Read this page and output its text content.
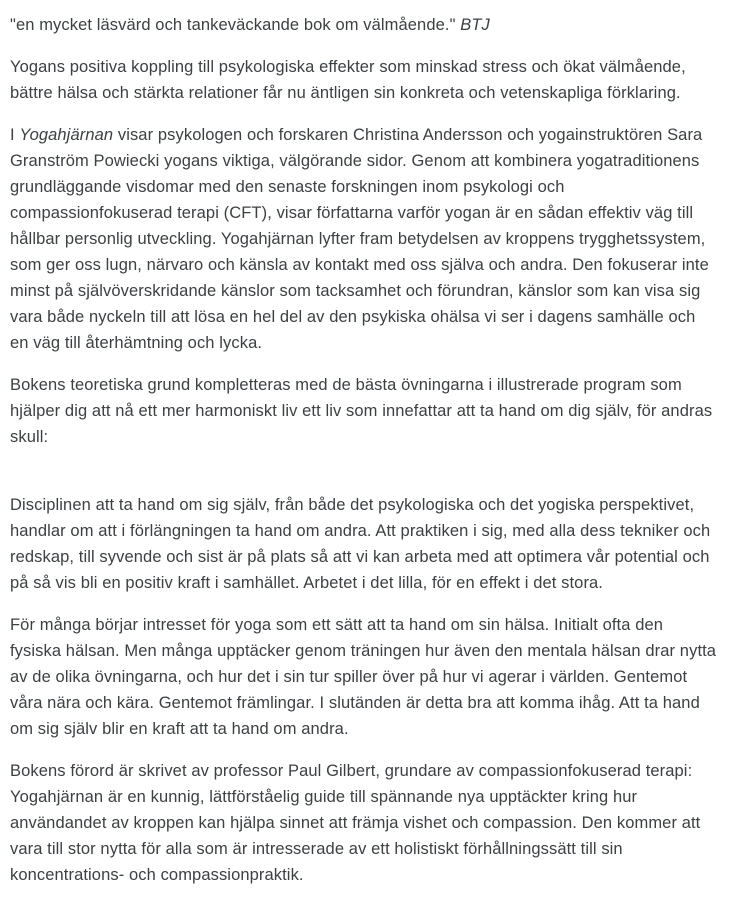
"en mycket läsvärd och tankeväckande bok om välmående." BTJ

Yogans positiva koppling till psykologiska effekter som minskad stress och ökat välmående, bättre hälsa och stärkta relationer får nu äntligen sin konkreta och vetenskapliga förklaring.

I Yogahjärnan visar psykologen och forskaren Christina Andersson och yogainstruktören Sara Granström Powiecki yogans viktiga, välgörande sidor. Genom att kombinera yogatraditionens grundläggande visdomar med den senaste forskningen inom psykologi och compassionfokuserad terapi (CFT), visar författarna varför yogan är en sådan effektiv väg till hållbar personlig utveckling. Yogahjärnan lyfter fram betydelsen av kroppens trygghetssystem, som ger oss lugn, närvaro och känsla av kontakt med oss själva och andra. Den fokuserar inte minst på självöverskridande känslor som tacksamhet och förundran, känslor som kan visa sig vara både nyckeln till att lösa en hel del av den psykiska ohälsa vi ser i dagens samhälle och en väg till återhämtning och lycka.

Bokens teoretiska grund kompletteras med de bästa övningarna i illustrerade program som hjälper dig att nå ett mer harmoniskt liv ett liv som innefattar att ta hand om dig själv, för andras skull:

Disciplinen att ta hand om sig själv, från både det psykologiska och det yogiska perspektivet, handlar om att i förlängningen ta hand om andra. Att praktiken i sig, med alla dess tekniker och redskap, till syvende och sist är på plats så att vi kan arbeta med att optimera vår potential och på så vis bli en positiv kraft i samhället. Arbetet i det lilla, för en effekt i det stora.

För många börjar intresset för yoga som ett sätt att ta hand om sin hälsa. Initialt ofta den fysiska hälsan. Men många upptäcker genom träningen hur även den mentala hälsan drar nytta av de olika övningarna, och hur det i sin tur spiller över på hur vi agerar i världen. Gentemot våra nära och kära. Gentemot främlingar. I slutänden är detta bra att komma ihåg. Att ta hand om sig själv blir en kraft att ta hand om andra.

Bokens förord är skrivet av professor Paul Gilbert, grundare av compassionfokuserad terapi: Yogahjärnan är en kunnig, lättförståelig guide till spännande nya upptäckter kring hur användandet av kroppen kan hjälpa sinnet att främja vishet och compassion. Den kommer att vara till stor nytta för alla som är intresserade av ett holistiskt förhållningssätt till sin koncentrations- och compassionpraktik.
